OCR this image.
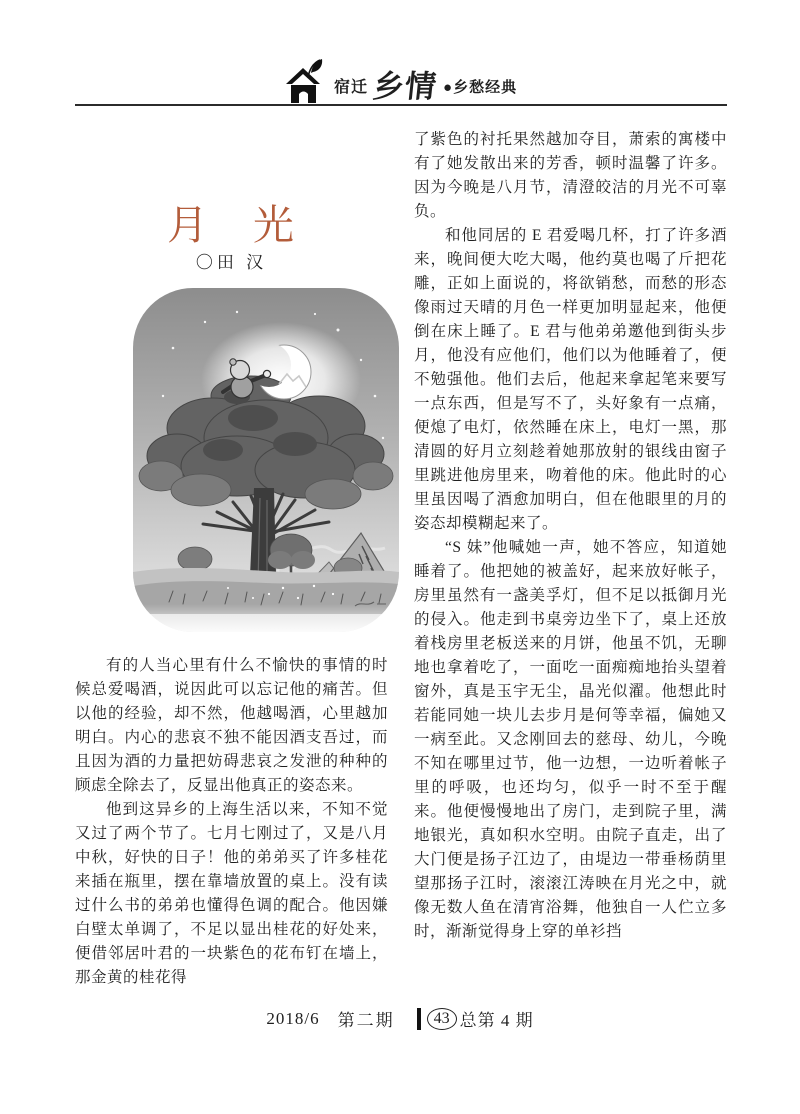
宿迁 乡情 ●乡愁经典
月　光
〇田 汉

有的人当心里有什么不愉快的事情的时候总爱喝酒，说因此可以忘记他的痛苦。但以他的经验，却不然，他越喝酒，心里越加明白。内心的悲哀不独不能因酒支吾过，而且因为酒的力量把妨碍悲哀之发泄的种种的顾虑全除去了，反显出他真正的姿态来。

他到这异乡的上海生活以来，不知不觉又过了两个节了。七月七刚过了，又是八月中秋，好快的日子！他的弟弟买了许多桂花来插在瓶里，摆在靠墙放置的桌上。没有读过什么书的弟弟也懂得色调的配合。他因嫌白壁太单调了，不足以显出桂花的好处来，便借邻居叶君的一块紫色的花布钉在墙上，那金黄的桂花得

了紫色的衬托果然越加夺目，萧索的寓楼中有了她发散出来的芳香，顿时温馨了许多。因为今晚是八月节，清澄皎洁的月光不可辜负。

和他同居的 E 君爱喝几杯，打了许多酒来，晚间便大吃大喝，他约莫也喝了斤把花雕，正如上面说的，将欲销愁，而愁的形态像雨过天晴的月色一样更加明显起来，他便倒在床上睡了。E 君与他弟弟邀他到街头步月，他没有应他们，他们以为他睡着了，便不勉强他。他们去后，他起来拿起笔来要写一点东西，但是写不了，头好象有一点痛，便熄了电灯，依然睡在床上，电灯一黑，那清圆的好月立刻趁着她那放射的银线由窗子里跳进他房里来，吻着他的床。他此时的心里虽因喝了酒愈加明白，但在他眼里的月的姿态却模糊起来了。

“S 妹”他喊她一声，她不答应，知道她睡着了。他把她的被盖好，起来放好帐子，房里虽然有一盏美孚灯，但不足以抵御月光的侵入。他走到书桌旁边坐下了，桌上还放着栈房里老板送来的月饼，他虽不饥，无聊地也拿着吃了，一面吃一面痴痴地抬头望着窗外，真是玉宇无尘，晶光似濯。他想此时若能同她一块儿去步月是何等幸福，偏她又一病至此。又念刚回去的慈母、幼儿，今晚不知在哪里过节，他一边想，一边听着帐子里的呼吸，也还均匀，似乎一时不至于醒来。他便慢慢地出了房门，走到院子里，满地银光，真如积水空明。由院子直走，出了大门便是扬子江边了，由堤边一带垂杨荫里望那扬子江时，滚滚江涛映在月光之中，就像无数人鱼在清宵浴舞，他独自一人伫立多时，渐渐觉得身上穿的单衫挡

2018/6 第二期	43 总第 4 期
